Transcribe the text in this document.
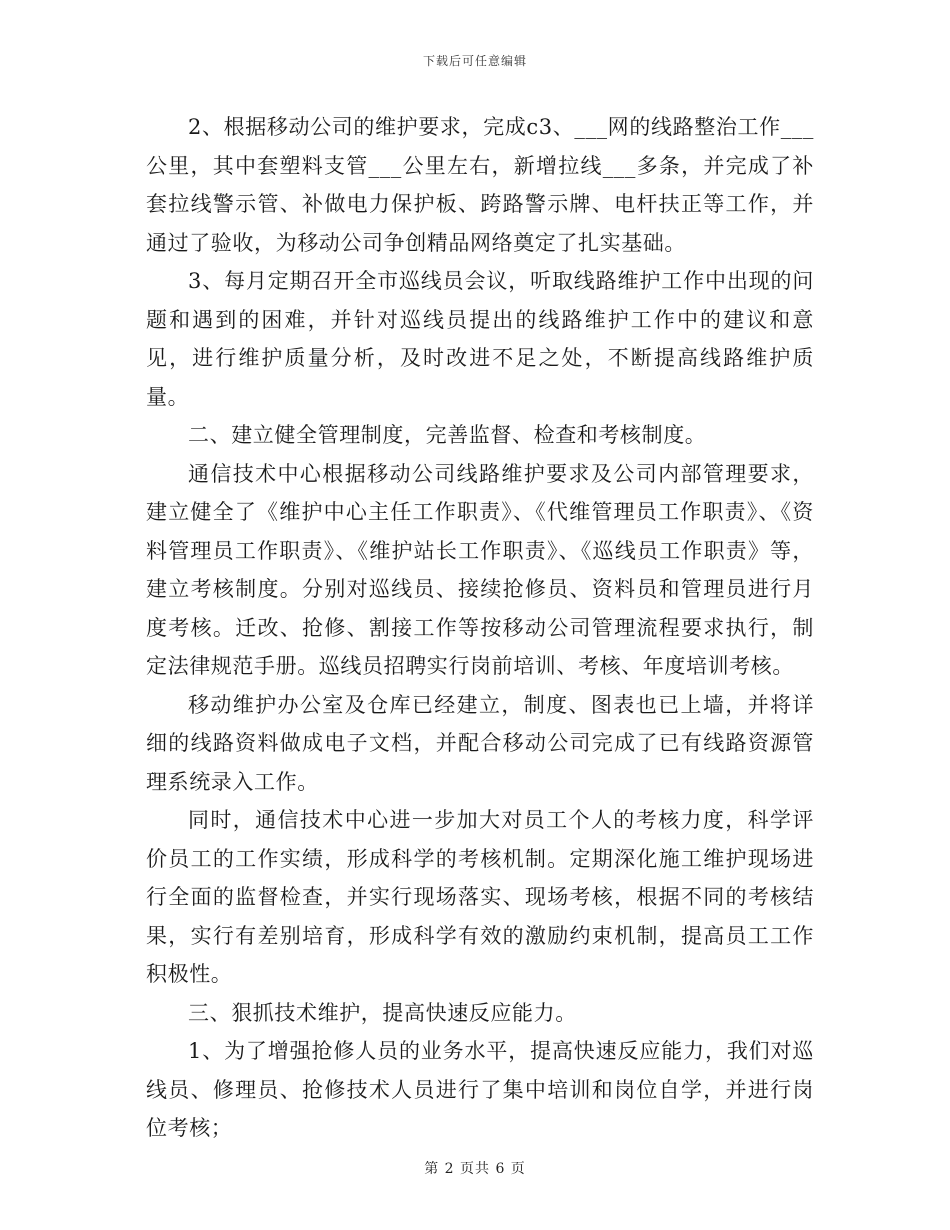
下载后可任意编辑

2、根据移动公司的维护要求，完成c3、___网的线路整治工作___公里，其中套塑料支管___公里左右，新增拉线___多条，并完成了补套拉线警示管、补做电力保护板、跨路警示牌、电杆扶正等工作，并通过了验收，为移动公司争创精品网络奠定了扎实基础。

3、每月定期召开全市巡线员会议，听取线路维护工作中出现的问题和遇到的困难，并针对巡线员提出的线路维护工作中的建议和意见，进行维护质量分析，及时改进不足之处，不断提高线路维护质量。

二、建立健全管理制度，完善监督、检查和考核制度。

通信技术中心根据移动公司线路维护要求及公司内部管理要求，建立健全了《维护中心主任工作职责》、《代维管理员工作职责》、《资料管理员工作职责》、《维护站长工作职责》、《巡线员工作职责》等，建立考核制度。分别对巡线员、接续抢修员、资料员和管理员进行月度考核。迁改、抢修、割接工作等按移动公司管理流程要求执行，制定法律规范手册。巡线员招聘实行岗前培训、考核、年度培训考核。

移动维护办公室及仓库已经建立，制度、图表也已上墙，并将详细的线路资料做成电子文档，并配合移动公司完成了已有线路资源管理系统录入工作。

同时，通信技术中心进一步加大对员工个人的考核力度，科学评价员工的工作实绩，形成科学的考核机制。定期深化施工维护现场进行全面的监督检查，并实行现场落实、现场考核，根据不同的考核结果，实行有差别培育，形成科学有效的激励约束机制，提高员工工作积极性。

三、狠抓技术维护，提高快速反应能力。

1、为了增强抢修人员的业务水平，提高快速反应能力，我们对巡线员、修理员、抢修技术人员进行了集中培训和岗位自学，并进行岗位考核；

第 2 页共 6 页
